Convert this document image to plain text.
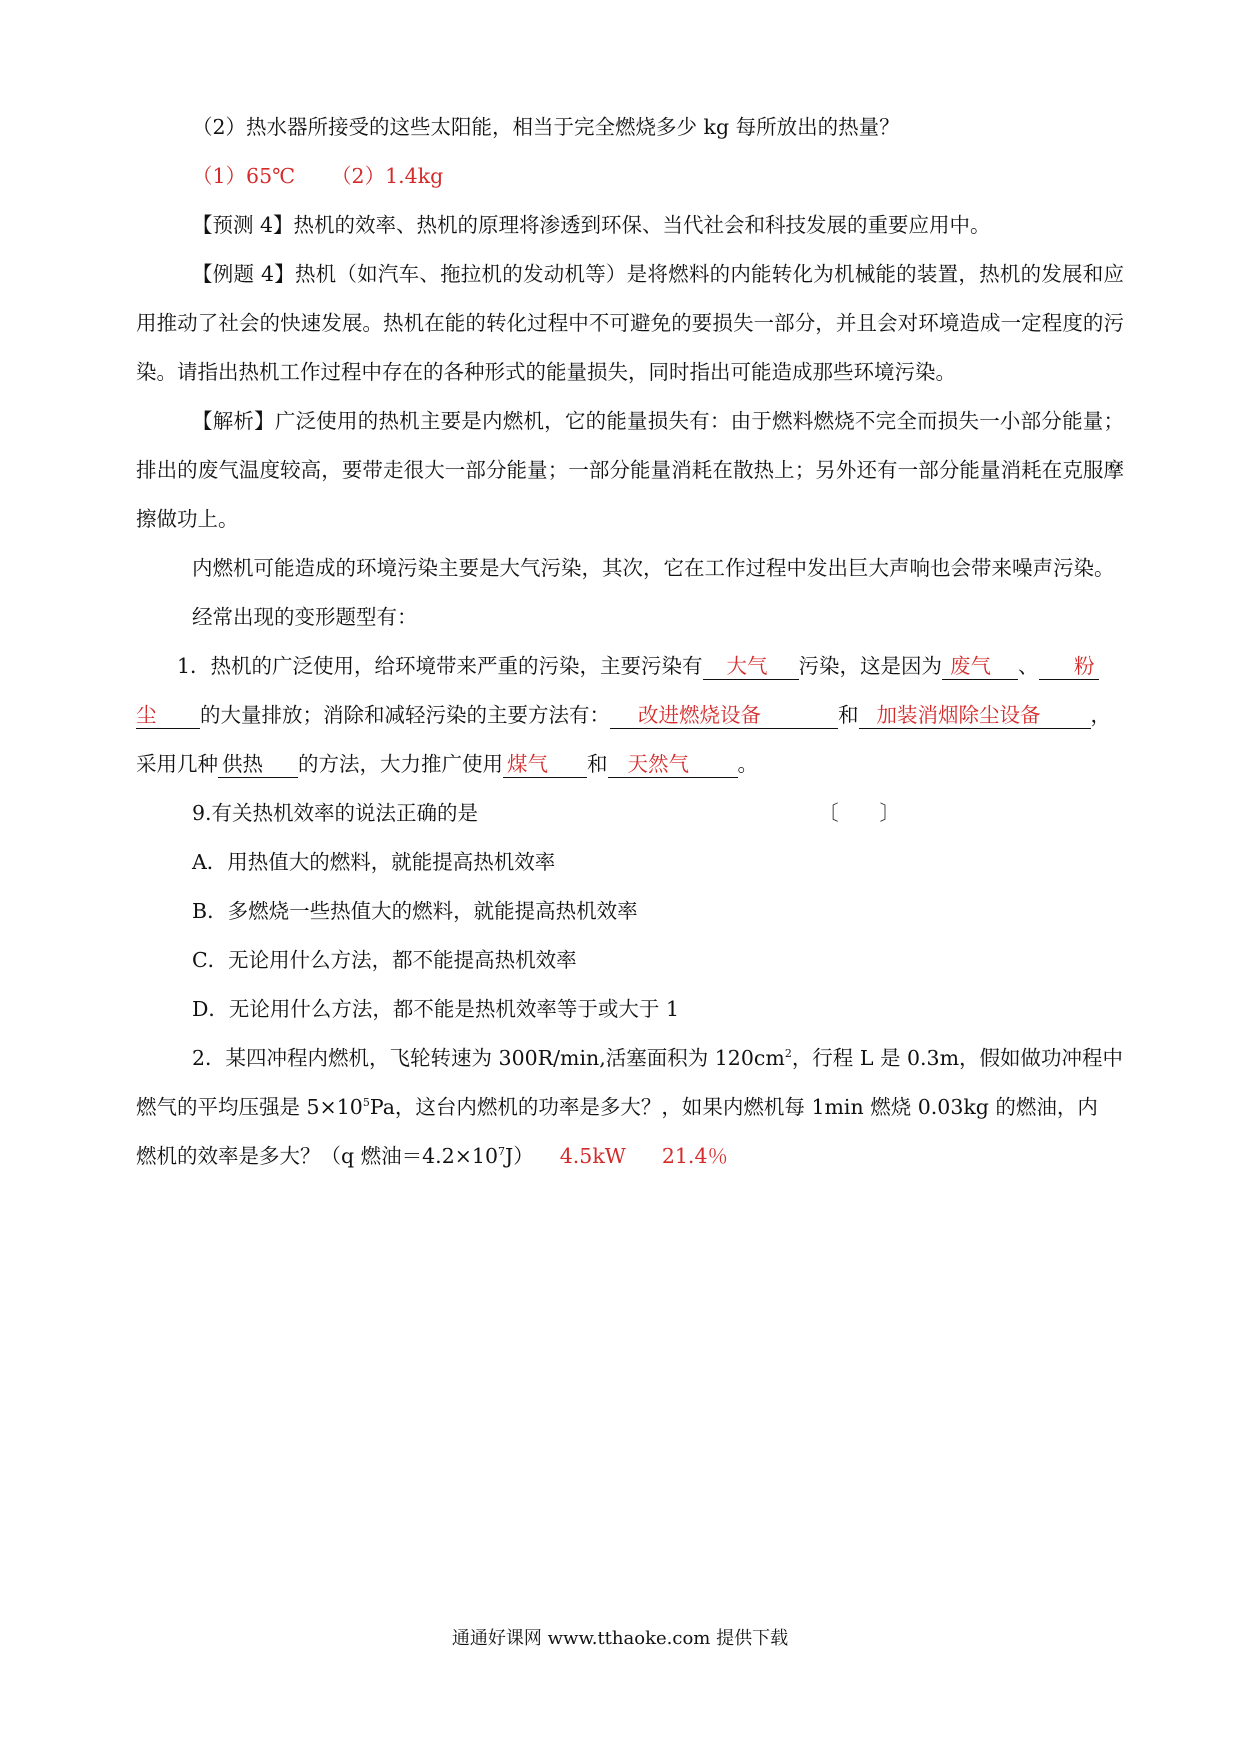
（2）热水器所接受的这些太阳能，相当于完全燃烧多少 kg 每所放出的热量？
（1）65℃ （2）1.4kg
【预测 4】热机的效率、热机的原理将渗透到环保、当代社会和科技发展的重要应用中。
【例题 4】热机（如汽车、拖拉机的发动机等）是将燃料的内能转化为机械能的装置，热机的发展和应用推动了社会的快速发展。热机在能的转化过程中不可避免的要损失一部分，并且会对环境造成一定程度的污染。请指出热机工作过程中存在的各种形式的能量损失，同时指出可能造成那些环境污染。
【解析】广泛使用的热机主要是内燃机，它的能量损失有：由于燃料燃烧不完全而损失一小部分能量；排出的废气温度较高，要带走很大一部分能量；一部分能量消耗在散热上；另外还有一部分能量消耗在克服摩擦做功上。
内燃机可能造成的环境污染主要是大气污染，其次，它在工作过程中发出巨大声响也会带来噪声污染。
经常出现的变形题型有：
1．热机的广泛使用，给环境带来严重的污染，主要污染有 大气 污染，这是因为 废气 、 粉
尘 的大量排放；消除和减轻污染的主要方法有： 改进燃烧设备	和 加装消烟除尘设备 ，
采用几种 供热 的方法，大力推广使用 煤气 和 天然气 。
9.有关热机效率的说法正确的是	〔　　〕
A．用热值大的燃料，就能提高热机效率
B．多燃烧一些热值大的燃料，就能提高热机效率
C．无论用什么方法，都不能提高热机效率
D．无论用什么方法，都不能是热机效率等于或大于 1
2．某四冲程内燃机，飞轮转速为 300R/min,活塞面积为 $120cm^2$，行程 L 是 0.3m，假如做功冲程中
燃气的平均压强是 $5\times 10^5Pa$，这台内燃机的功率是多大？，如果内燃机每 1min 燃烧 0.03kg 的燃油，内
燃机的效率是多大？（q 燃油$=4.2\times 10^7J$） 4.5kW 21.4％
通通好课网 www.tthaoke.com 提供下载
